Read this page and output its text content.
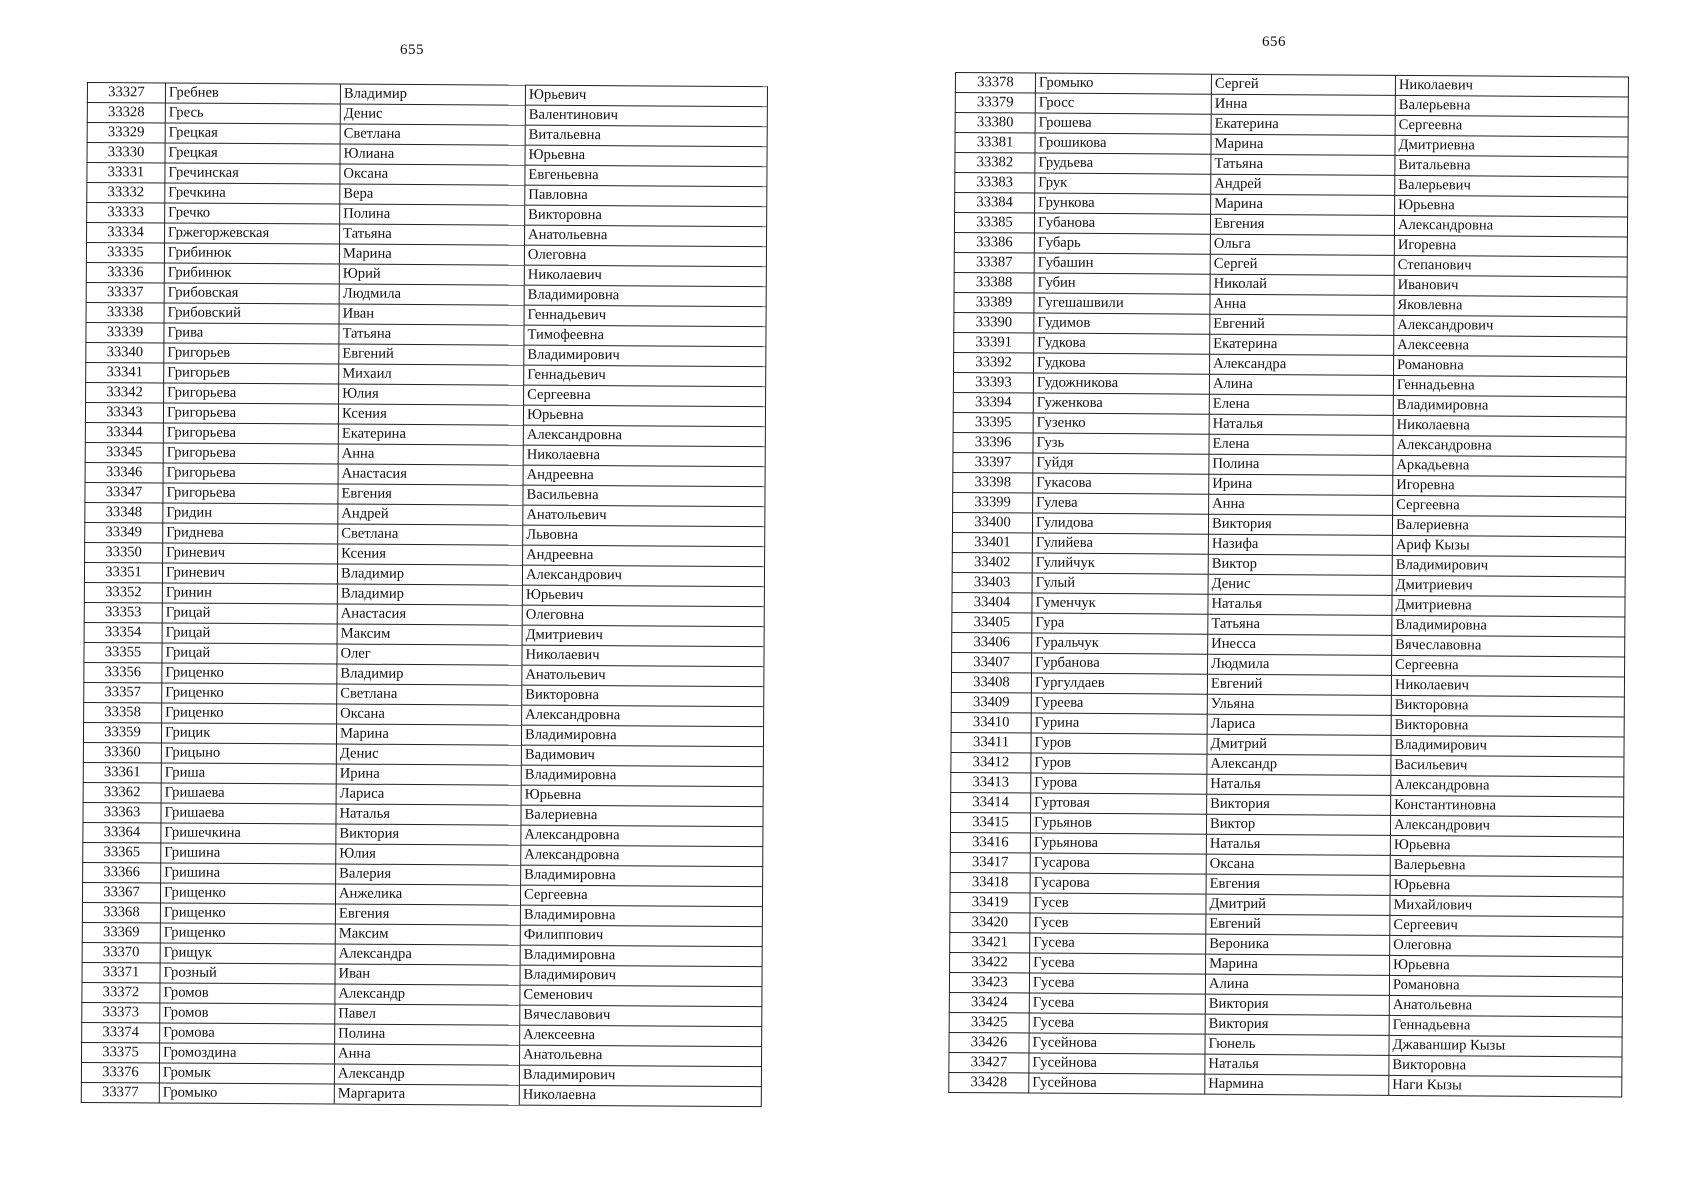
655	656
33327	Гребнев	Владимир	Юрьевич
33328	Гресь	Денис	Валентинович
33329	Грецкая	Светлана	Витальевна
33330	Грецкая	Юлиана	Юрьевна
33331	Гречинская	Оксана	Евгеньевна
33332	Гречкина	Вера	Павловна
33333	Гречко	Полина	Викторовна
33334	Гржегоржевская	Татьяна	Анатольевна
33335	Грибинюк	Марина	Олеговна
33336	Грибинюк	Юрий	Николаевич
33337	Грибовская	Людмила	Владимировна
33338	Грибовский	Иван	Геннадьевич
33339	Грива	Татьяна	Тимофеевна
33340	Григорьев	Евгений	Владимирович
33341	Григорьев	Михаил	Геннадьевич
33342	Григорьева	Юлия	Сергеевна
33343	Григорьева	Ксения	Юрьевна
33344	Григорьева	Екатерина	Александровна
33345	Григорьева	Анна	Николаевна
33346	Григорьева	Анастасия	Андреевна
33347	Григорьева	Евгения	Васильевна
33348	Гридин	Андрей	Анатольевич
33349	Гриднева	Светлана	Львовна
33350	Гриневич	Ксения	Андреевна
33351	Гриневич	Владимир	Александрович
33352	Гринин	Владимир	Юрьевич
33353	Грицай	Анастасия	Олеговна
33354	Грицай	Максим	Дмитриевич
33355	Грицай	Олег	Николаевич
33356	Гриценко	Владимир	Анатольевич
33357	Гриценко	Светлана	Викторовна
33358	Гриценко	Оксана	Александровна
33359	Грицик	Марина	Владимировна
33360	Грицыно	Денис	Вадимович
33361	Гриша	Ирина	Владимировна
33362	Гришаева	Лариса	Юрьевна
33363	Гришаева	Наталья	Валериевна
33364	Гришечкина	Виктория	Александровна
33365	Гришина	Юлия	Александровна
33366	Гришина	Валерия	Владимировна
33367	Грищенко	Анжелика	Сергеевна
33368	Грищенко	Евгения	Владимировна
33369	Грищенко	Максим	Филиппович
33370	Грищук	Александра	Владимировна
33371	Грозный	Иван	Владимирович
33372	Громов	Александр	Семенович
33373	Громов	Павел	Вячеславович
33374	Громова	Полина	Алексеевна
33375	Громоздина	Анна	Анатольевна
33376	Громык	Александр	Владимирович
33377	Громыко	Маргарита	Николаевна
33378	Громыко	Сергей	Николаевич
33379	Гросс	Инна	Валерьевна
33380	Грошева	Екатерина	Сергеевна
33381	Грошикова	Марина	Дмитриевна
33382	Грудьева	Татьяна	Витальевна
33383	Грук	Андрей	Валерьевич
33384	Грункова	Марина	Юрьевна
33385	Губанова	Евгения	Александровна
33386	Губарь	Ольга	Игоревна
33387	Губашин	Сергей	Степанович
33388	Губин	Николай	Иванович
33389	Гугешашвили	Анна	Яковлевна
33390	Гудимов	Евгений	Александрович
33391	Гудкова	Екатерина	Алексеевна
33392	Гудкова	Александра	Романовна
33393	Гудожникова	Алина	Геннадьевна
33394	Гуженкова	Елена	Владимировна
33395	Гузенко	Наталья	Николаевна
33396	Гузь	Елена	Александровна
33397	Гуйдя	Полина	Аркадьевна
33398	Гукасова	Ирина	Игоревна
33399	Гулева	Анна	Сергеевна
33400	Гулидова	Виктория	Валериевна
33401	Гулийева	Назифа	Ариф Кызы
33402	Гулийчук	Виктор	Владимирович
33403	Гулый	Денис	Дмитриевич
33404	Гуменчук	Наталья	Дмитриевна
33405	Гура	Татьяна	Владимировна
33406	Гуральчук	Инесса	Вячеславовна
33407	Гурбанова	Людмила	Сергеевна
33408	Гургулдаев	Евгений	Николаевич
33409	Гуреева	Ульяна	Викторовна
33410	Гурина	Лариса	Викторовна
33411	Гуров	Дмитрий	Владимирович
33412	Гуров	Александр	Васильевич
33413	Гурова	Наталья	Александровна
33414	Гуртовая	Виктория	Константиновна
33415	Гурьянов	Виктор	Александрович
33416	Гурьянова	Наталья	Юрьевна
33417	Гусарова	Оксана	Валерьевна
33418	Гусарова	Евгения	Юрьевна
33419	Гусев	Дмитрий	Михайлович
33420	Гусев	Евгений	Сергеевич
33421	Гусева	Вероника	Олеговна
33422	Гусева	Марина	Юрьевна
33423	Гусева	Алина	Романовна
33424	Гусева	Виктория	Анатольевна
33425	Гусева	Виктория	Геннадьевна
33426	Гусейнова	Гюнель	Джаваншир Кызы
33427	Гусейнова	Наталья	Викторовна
33428	Гусейнова	Нармина	Наги Кызы
